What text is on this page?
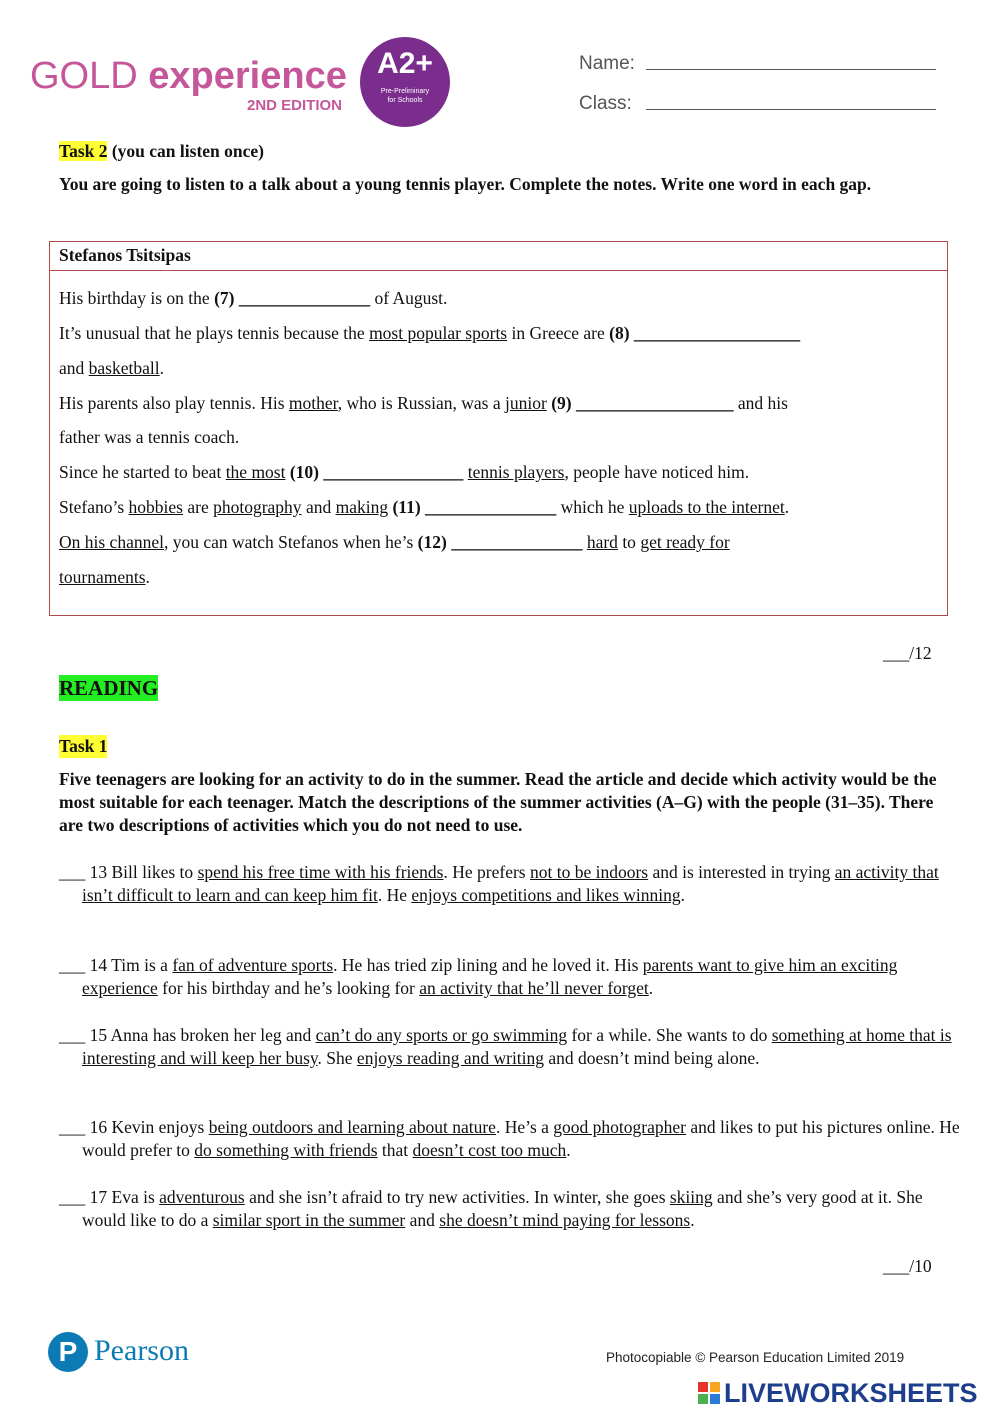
GOLD experience
2ND EDITION
A2+
Pre-Preliminary for Schools
Name:
Class:
Task 2 (you can listen once)
You are going to listen to a talk about a young tennis player. Complete the notes. Write one word in each gap.
Stefanos Tsitsipas
His birthday is on the (7) _______________ of August.
It’s unusual that he plays tennis because the most popular sports in Greece are (8) ___________________
and basketball.
His parents also play tennis. His mother, who is Russian, was a junior (9) __________________ and his
father was a tennis coach.
Since he started to beat the most (10) ________________ tennis players, people have noticed him.
Stefano’s hobbies are photography and making (11) _______________ which he uploads to the internet.
On his channel, you can watch Stefanos when he’s (12) _______________ hard to get ready for
tournaments.
___/12
READING
Task 1
Five teenagers are looking for an activity to do in the summer. Read the article and decide which activity would be the most suitable for each teenager. Match the descriptions of the summer activities (A–G) with the people (31–35). There are two descriptions of activities which you do not need to use.
___ 13 Bill likes to spend his free time with his friends. He prefers not to be indoors and is interested in trying an activity that isn’t difficult to learn and can keep him fit. He enjoys competitions and likes winning.
___ 14 Tim is a fan of adventure sports. He has tried zip lining and he loved it. His parents want to give him an exciting experience for his birthday and he’s looking for an activity that he’ll never forget.
___ 15 Anna has broken her leg and can’t do any sports or go swimming for a while. She wants to do something at home that is interesting and will keep her busy. She enjoys reading and writing and doesn’t mind being alone.
___ 16 Kevin enjoys being outdoors and learning about nature. He’s a good photographer and likes to put his pictures online. He would prefer to do something with friends that doesn’t cost too much.
___ 17 Eva is adventurous and she isn’t afraid to try new activities. In winter, she goes skiing and she’s very good at it. She would like to do a similar sport in the summer and she doesn’t mind paying for lessons.
___/10
P Pearson	Photocopiable © Pearson Education Limited 2019
LIVEWORKSHEETS
